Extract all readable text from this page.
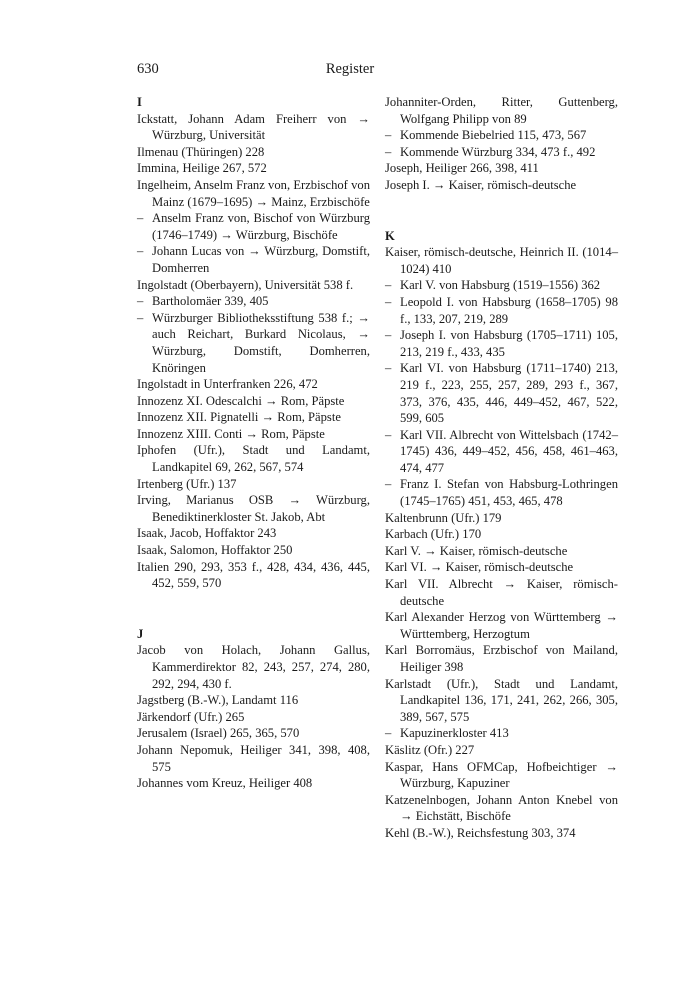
630	Register
I
Ickstatt, Johann Adam Freiherr von → Würzburg, Universität
Ilmenau (Thüringen) 228
Immina, Heilige 267, 572
Ingelheim, Anselm Franz von, Erzbischof von Mainz (1679–1695) → Mainz, Erzbischöfe
– Anselm Franz von, Bischof von Würzburg (1746–1749) → Würzburg, Bischöfe
– Johann Lucas von → Würzburg, Domstift, Domherren
Ingolstadt (Oberbayern), Universität 538 f.
– Bartholomäer 339, 405
– Würzburger Bibliotheksstiftung 538 f.; → auch Reichart, Burkard Nicolaus, → Würzburg, Domstift, Domherren, Knöringen
Ingolstadt in Unterfranken 226, 472
Innozenz XI. Odescalchi → Rom, Päpste
Innozenz XII. Pignatelli → Rom, Päpste
Innozenz XIII. Conti → Rom, Päpste
Iphofen (Ufr.), Stadt und Landamt, Landkapitel 69, 262, 567, 574
Irtenberg (Ufr.) 137
Irving, Marianus OSB → Würzburg, Benediktinerkloster St. Jakob, Abt
Isaak, Jacob, Hoffaktor 243
Isaak, Salomon, Hoffaktor 250
Italien 290, 293, 353 f., 428, 434, 436, 445, 452, 559, 570
J
Jacob von Holach, Johann Gallus, Kammerdirektor 82, 243, 257, 274, 280, 292, 294, 430 f.
Jagstberg (B.-W.), Landamt 116
Järkendorf (Ufr.) 265
Jerusalem (Israel) 265, 365, 570
Johann Nepomuk, Heiliger 341, 398, 408, 575
Johannes vom Kreuz, Heiliger 408
Johanniter-Orden, Ritter, Guttenberg, Wolfgang Philipp von 89
– Kommende Biebelried 115, 473, 567
– Kommende Würzburg 334, 473 f., 492
Joseph, Heiliger 266, 398, 411
Joseph I. → Kaiser, römisch-deutsche
K
Kaiser, römisch-deutsche, Heinrich II. (1014–1024) 410
– Karl V. von Habsburg (1519–1556) 362
– Leopold I. von Habsburg (1658–1705) 98 f., 133, 207, 219, 289
– Joseph I. von Habsburg (1705–1711) 105, 213, 219 f., 433, 435
– Karl VI. von Habsburg (1711–1740) 213, 219 f., 223, 255, 257, 289, 293 f., 367, 373, 376, 435, 446, 449–452, 467, 522, 599, 605
– Karl VII. Albrecht von Wittelsbach (1742–1745) 436, 449–452, 456, 458, 461–463, 474, 477
– Franz I. Stefan von Habsburg-Lothringen (1745–1765) 451, 453, 465, 478
Kaltenbrunn (Ufr.) 179
Karbach (Ufr.) 170
Karl V. → Kaiser, römisch-deutsche
Karl VI. → Kaiser, römisch-deutsche
Karl VII. Albrecht → Kaiser, römisch-deutsche
Karl Alexander Herzog von Württemberg → Württemberg, Herzogtum
Karl Borromäus, Erzbischof von Mailand, Heiliger 398
Karlstadt (Ufr.), Stadt und Landamt, Landkapitel 136, 171, 241, 262, 266, 305, 389, 567, 575
– Kapuzinerkloster 413
Käslitz (Ofr.) 227
Kaspar, Hans OFMCap, Hofbeichtiger → Würzburg, Kapuziner
Katzenelnbogen, Johann Anton Knebel von → Eichstätt, Bischöfe
Kehl (B.-W.), Reichsfestung 303, 374
